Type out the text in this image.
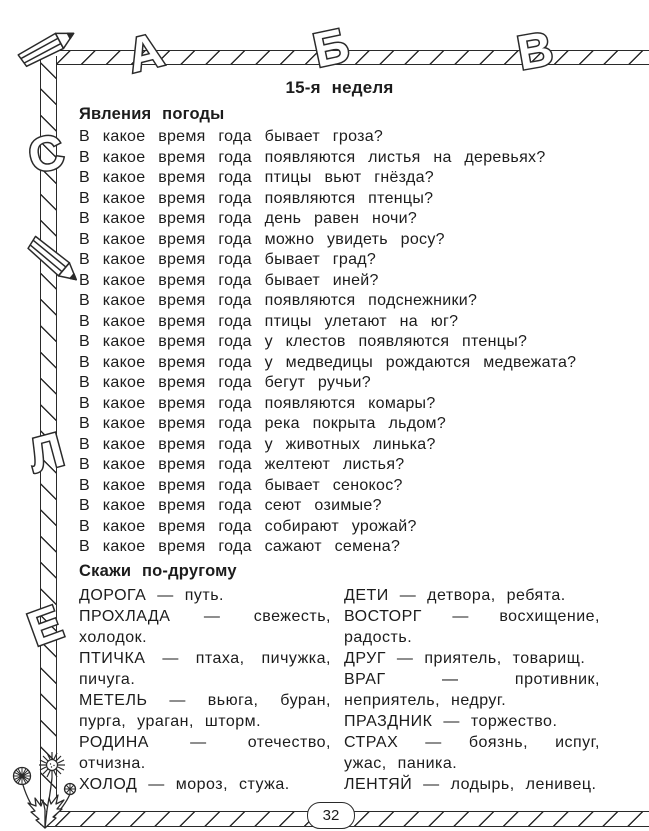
А	Б	В
С
Л
Е
15-я неделя
Явления погоды

В какое время года бывает гроза?

В какое время года появляются листья на деревьях?

В какое время года птицы вьют гнёзда?

В какое время года появляются птенцы?

В какое время года день равен ночи?

В какое время года можно увидеть росу?

В какое время года бывает град?

В какое время года бывает иней?

В какое время года появляются подснежники?

В какое время года птицы улетают на юг?

В какое время года у клестов появляются птенцы?

В какое время года у медведицы рождаются медвежата?

В какое время года бегут ручьи?

В какое время года появляются комары?

В какое время года река покрыта льдом?

В какое время года у животных линька?

В какое время года желтеют листья?

В какое время года бывает сенокос?

В какое время года сеют озимые?

В какое время года собирают урожай?

В какое время года сажают семена?

Скажи по-другому

ДОРОГА — путь.

ПРОХЛАДА — свежесть, холодок.

ПТИЧКА — птаха, пичужка, пичуга.

МЕТЕЛЬ — вьюга, буран, пурга, ураган, шторм.

РОДИНА — отечество, отчизна.

ХОЛОД — мороз, стужа.

ДЕТИ — детвора, ребята.

ВОСТОРГ — восхищение, радость.

ДРУГ — приятель, товарищ.

ВРАГ — противник, неприятель, недруг.

ПРАЗДНИК — торжество.

СТРАХ — боязнь, испуг, ужас, паника.

ЛЕНТЯЙ — лодырь, ленивец.

32
